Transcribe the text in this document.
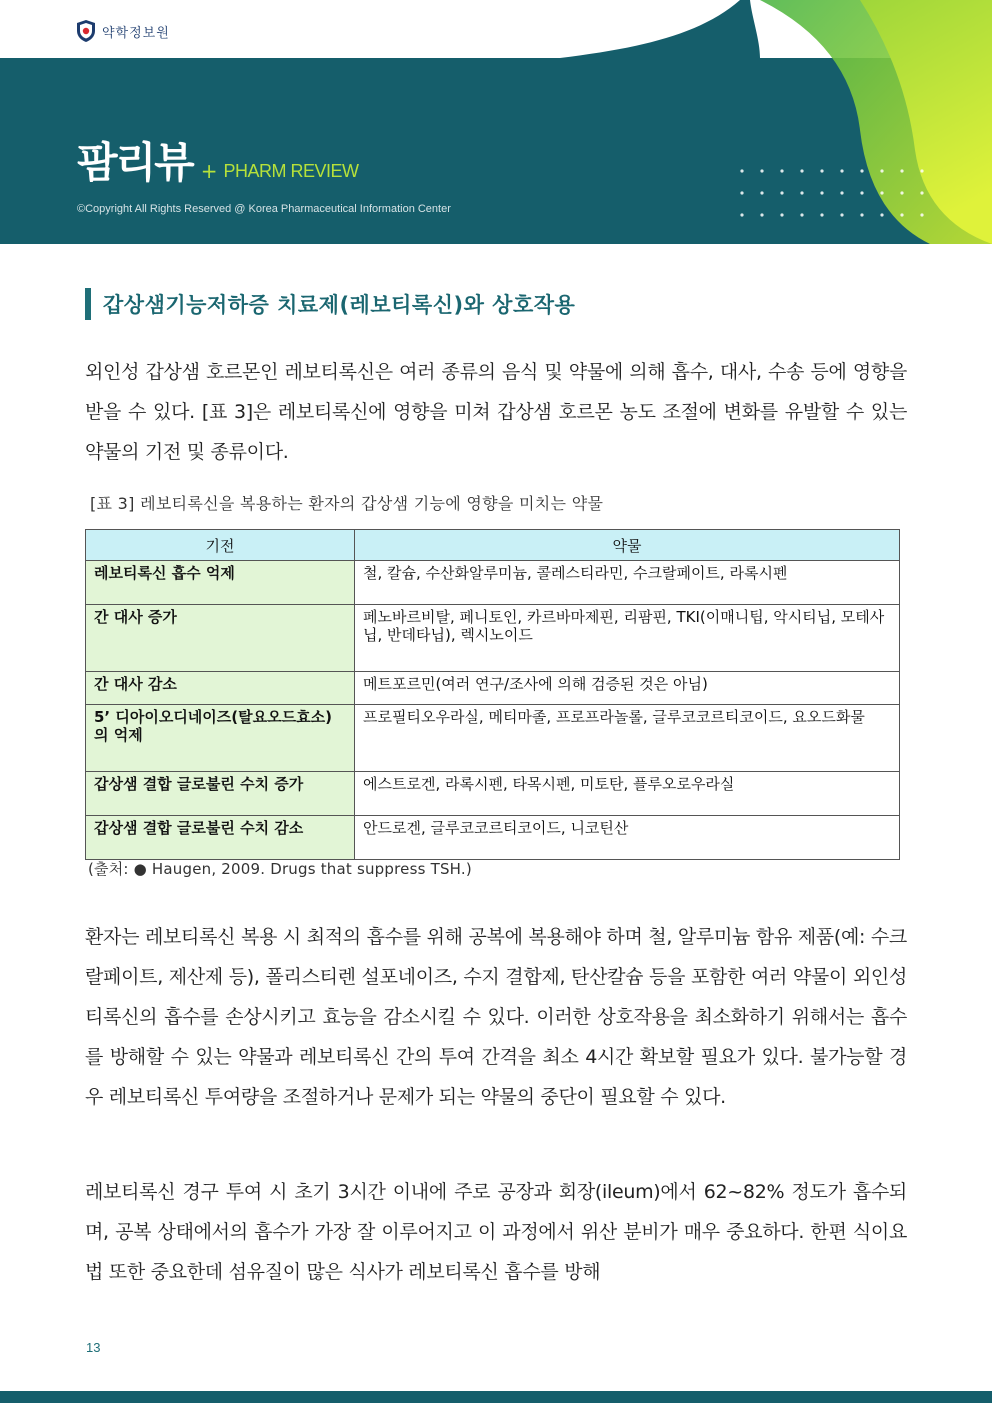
약학정보원
팜리뷰 + PHARM REVIEW
©Copyright All Rights Reserved @ Korea Pharmaceutical Information Center
갑상샘기능저하증 치료제(레보티록신)와 상호작용

외인성 갑상샘 호르몬인 레보티록신은 여러 종류의 음식 및 약물에 의해 흡수, 대사, 수송 등에 영향을 받을 수 있다. [표 3]은 레보티록신에 영향을 미쳐 갑상샘 호르몬 농도 조절에 변화를 유발할 수 있는 약물의 기전 및 종류이다.

[표 3] 레보티록신을 복용하는 환자의 갑상샘 기능에 영향을 미치는 약물
기전	약물
레보티록신 흡수 억제	철, 칼슘, 수산화알루미늄, 콜레스티라민, 수크랄페이트, 라록시펜
간 대사 증가	페노바르비탈, 페니토인, 카르바마제핀, 리팜핀, TKI(이매니팁, 악시티닙, 모테사닙, 반데타닙), 렉시노이드
간 대사 감소	메트포르민(여러 연구/조사에 의해 검증된 것은 아님)
5’ 디아이오디네이즈(탈요오드효소)의 억제	프로필티오우라실, 메티마졸, 프로프라놀롤, 글루코코르티코이드, 요오드화물
갑상샘 결합 글로불린 수치 증가	에스트로겐, 라록시펜, 타목시펜, 미토탄, 플루오로우라실
갑상샘 결합 글로불린 수치 감소	안드로겐, 글루코코르티코이드, 니코틴산
(출처: ● Haugen, 2009. Drugs that suppress TSH.)

환자는 레보티록신 복용 시 최적의 흡수를 위해 공복에 복용해야 하며 철, 알루미늄 함유 제품(예: 수크랄페이트, 제산제 등), 폴리스티렌 설포네이즈, 수지 결합제, 탄산칼슘 등을 포함한 여러 약물이 외인성 티록신의 흡수를 손상시키고 효능을 감소시킬 수 있다. 이러한 상호작용을 최소화하기 위해서는 흡수를 방해할 수 있는 약물과 레보티록신 간의 투여 간격을 최소 4시간 확보할 필요가 있다. 불가능할 경우 레보티록신 투여량을 조절하거나 문제가 되는 약물의 중단이 필요할 수 있다.

레보티록신 경구 투여 시 초기 3시간 이내에 주로 공장과 회장(ileum)에서 62~82% 정도가 흡수되며, 공복 상태에서의 흡수가 가장 잘 이루어지고 이 과정에서 위산 분비가 매우 중요하다. 한편 식이요법 또한 중요한데 섬유질이 많은 식사가 레보티록신 흡수를 방해

13
